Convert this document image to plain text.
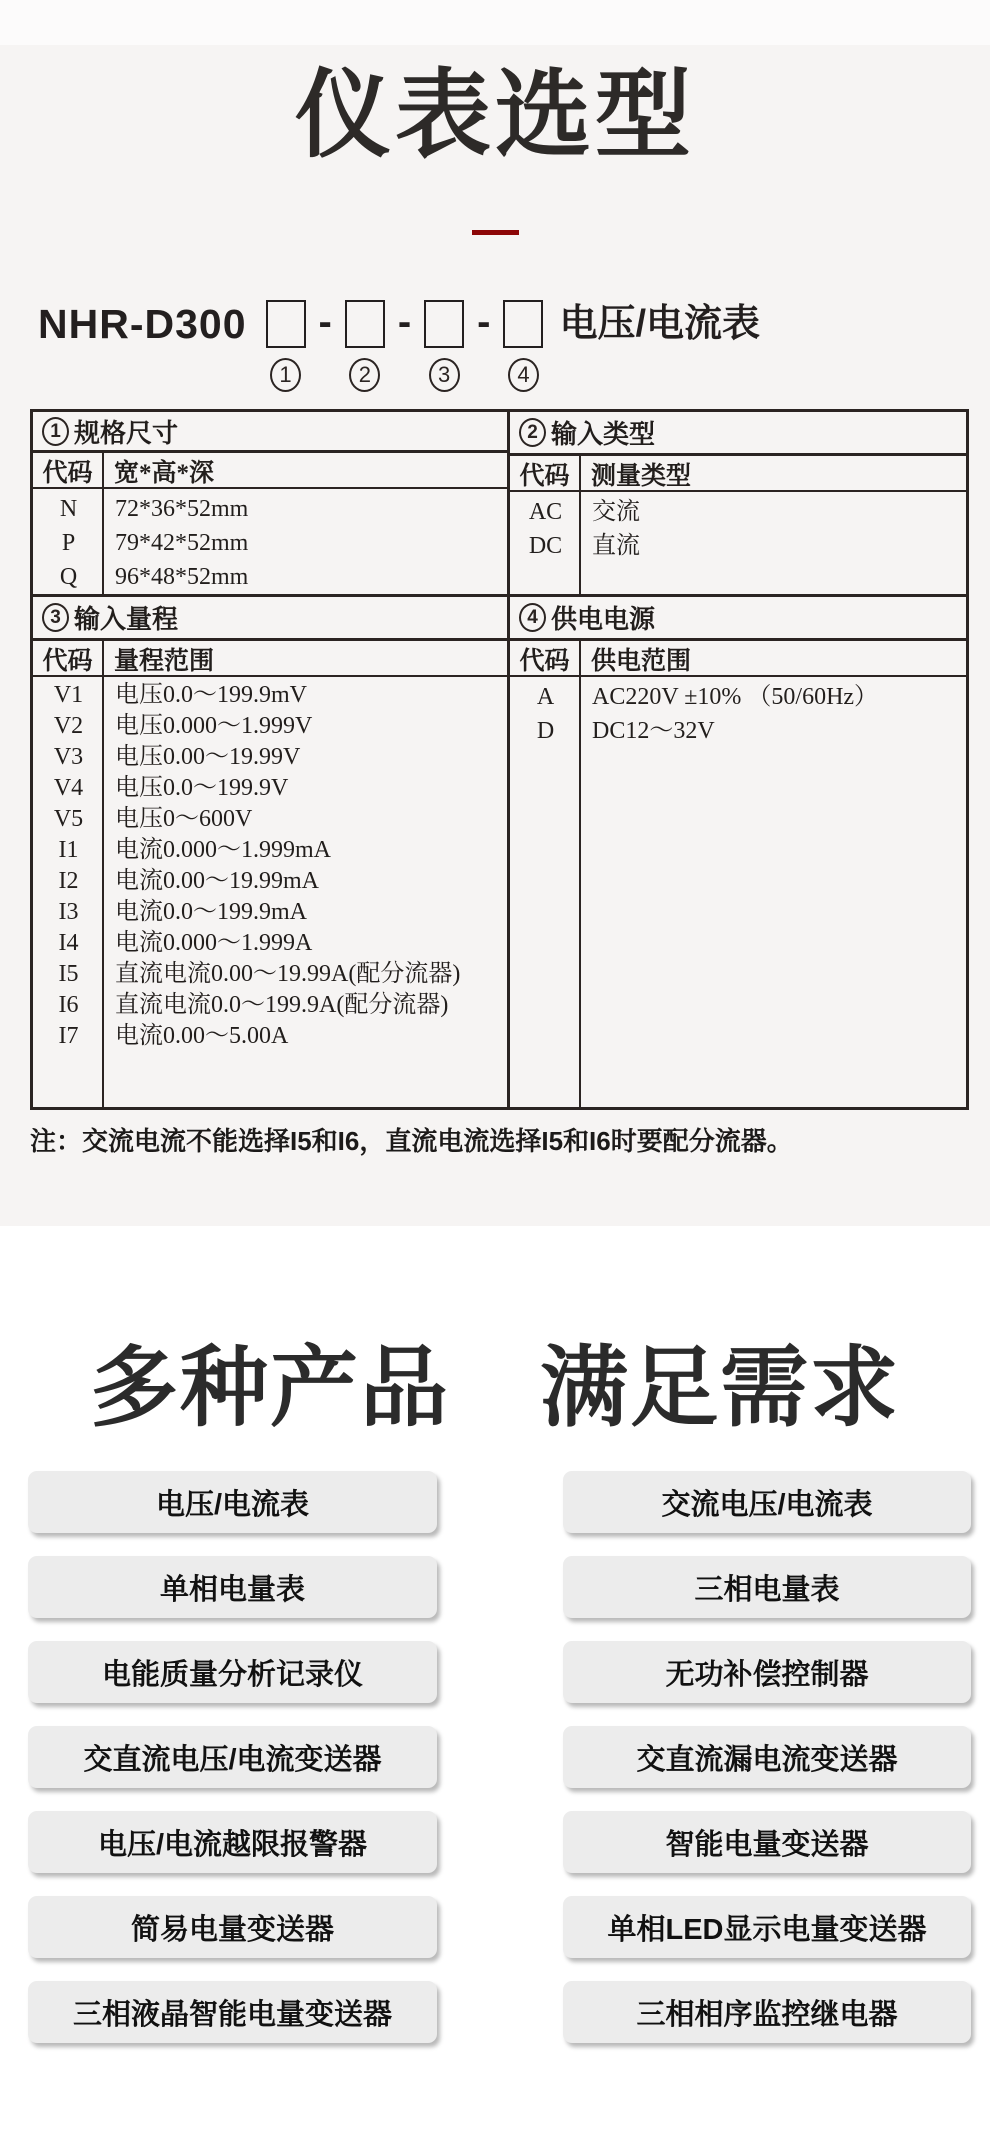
仪表选型
NHR-D300
1
-
2
-
3
-
4
电压/电流表
1 规格尺寸
代码 宽*高*深
N	72*36*52mm
P	79*42*52mm
Q	96*48*52mm
2 输入类型
代码 测量类型
AC	交流
DC	直流
3 输入量程
代码 量程范围
V1	电压0.0～199.9mV
V2	电压0.000～1.999V
V3	电压0.00～19.99V
V4	电压0.0～199.9V
V5	电压0～600V
I1	电流0.000～1.999mA
I2	电流0.00～19.99mA
I3	电流0.0～199.9mA
I4	电流0.000～1.999A
I5	直流电流0.00～19.99A(配分流器)
I6	直流电流0.0～199.9A(配分流器)
I7	电流0.00～5.00A
4 供电电源
代码 供电范围
A	AC220V ±10% （50/60Hz）
D	DC12～32V
注：交流电流不能选择I5和I6，直流电流选择I5和I6时要配分流器。
多种产品　满足需求
电压/电流表
单相电量表
电能质量分析记录仪
交直流电压/电流变送器
电压/电流越限报警器
简易电量变送器
三相液晶智能电量变送器
交流电压/电流表
三相电量表
无功补偿控制器
交直流漏电流变送器
智能电量变送器
单相LED显示电量变送器
三相相序监控继电器
